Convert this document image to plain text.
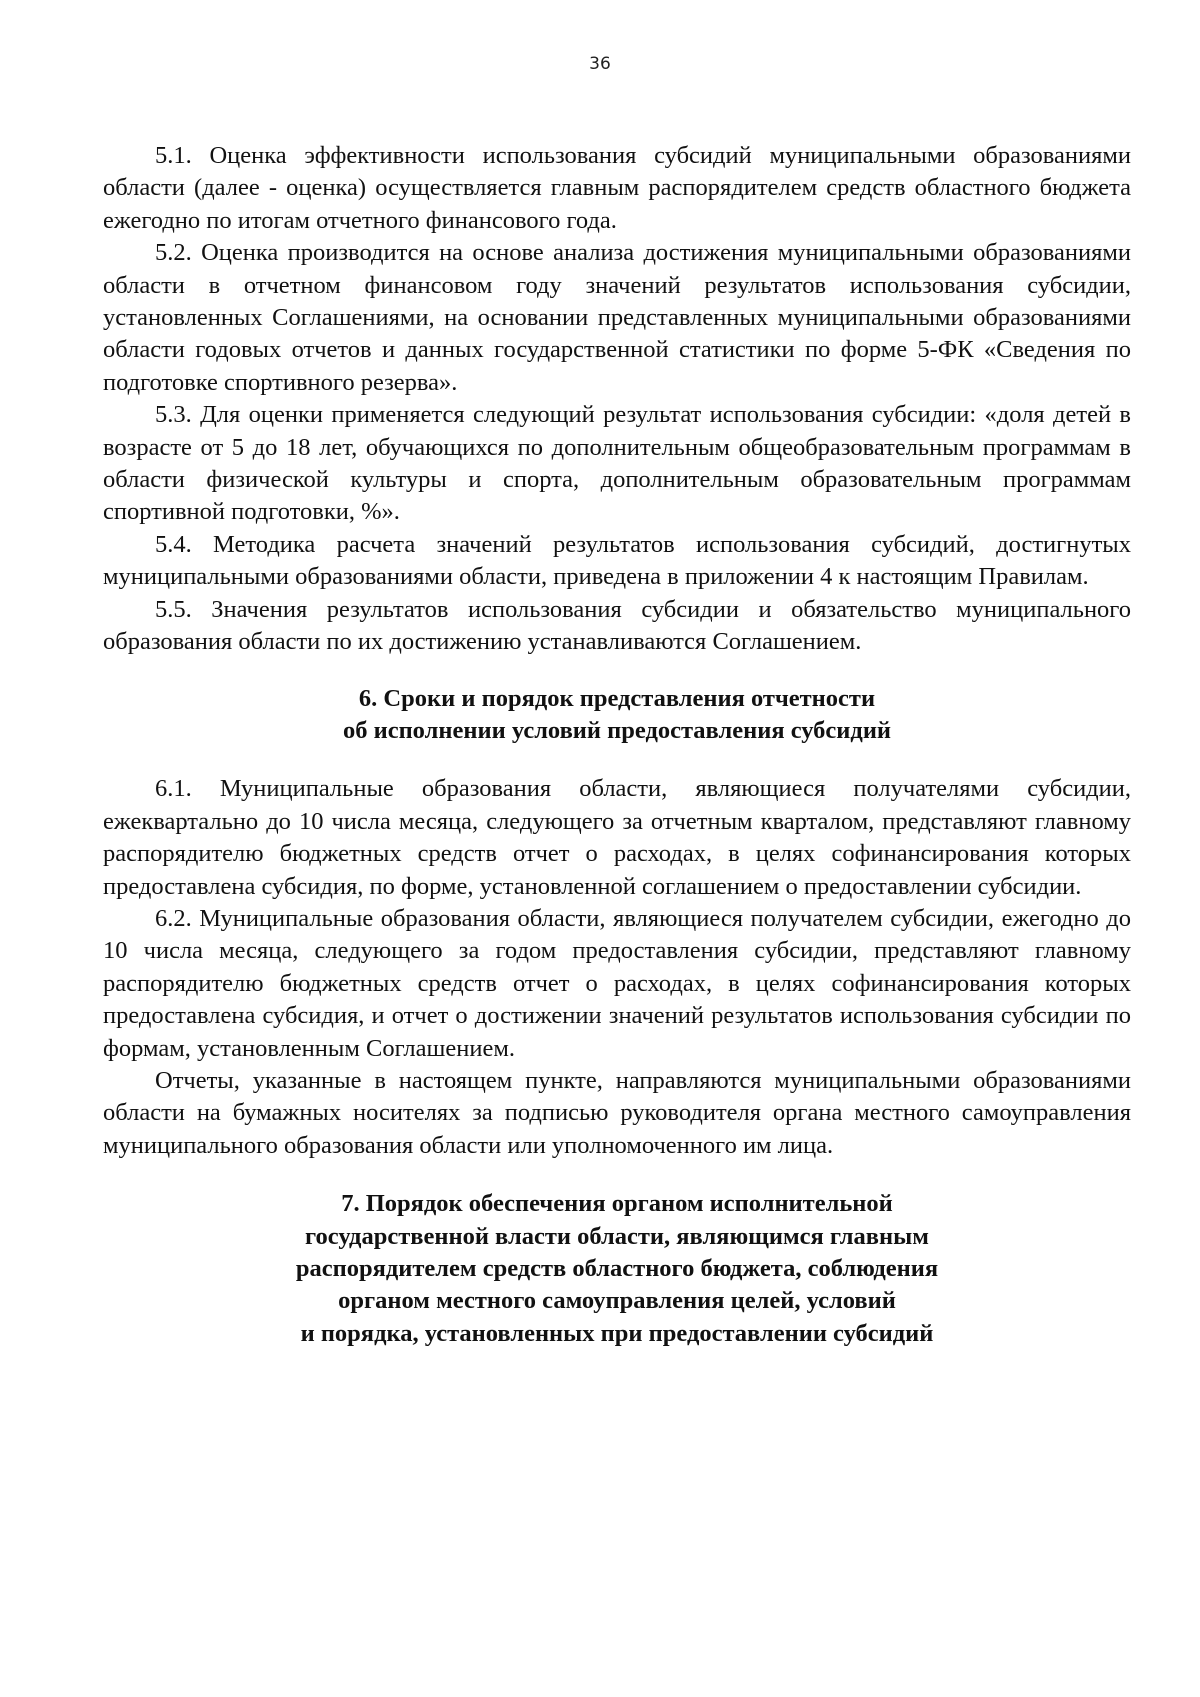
36

5.1. Оценка эффективности использования субсидий муниципальными образованиями области (далее - оценка) осуществляется главным распорядителем средств областного бюджета ежегодно по итогам отчетного финансового года.

5.2. Оценка производится на основе анализа достижения муниципальными образованиями области в отчетном финансовом году значений результатов использования субсидии, установленных Соглашениями, на основании представленных муниципальными образованиями области годовых отчетов и данных государственной статистики по форме 5-ФК «Сведения по подготовке спортивного резерва».

5.3. Для оценки применяется следующий результат использования субсидии: «доля детей в возрасте от 5 до 18 лет, обучающихся по дополнительным общеобразовательным программам в области физической культуры и спорта, дополнительным образовательным программам спортивной подготовки, %».

5.4. Методика расчета значений результатов использования субсидий, достигнутых муниципальными образованиями области, приведена в приложении 4 к настоящим Правилам.

5.5. Значения результатов использования субсидии и обязательство муниципального образования области по их достижению устанавливаются Соглашением.

6. Сроки и порядок представления отчетности
об исполнении условий предоставления субсидий

6.1. Муниципальные образования области, являющиеся получателями субсидии, ежеквартально до 10 числа месяца, следующего за отчетным кварталом, представляют главному распорядителю бюджетных средств отчет о расходах, в целях софинансирования которых предоставлена субсидия, по форме, установленной соглашением о предоставлении субсидии.

6.2. Муниципальные образования области, являющиеся получателем субсидии, ежегодно до 10 числа месяца, следующего за годом предоставления субсидии, представляют главному распорядителю бюджетных средств отчет о расходах, в целях софинансирования которых предоставлена субсидия, и отчет о достижении значений результатов использования субсидии по формам, установленным Соглашением.

Отчеты, указанные в настоящем пункте, направляются муниципальными образованиями области на бумажных носителях за подписью руководителя органа местного самоуправления муниципального образования области или уполномоченного им лица.

7. Порядок обеспечения органом исполнительной
государственной власти области, являющимся главным
распорядителем средств областного бюджета, соблюдения
органом местного самоуправления целей, условий
и порядка, установленных при предоставлении субсидий
